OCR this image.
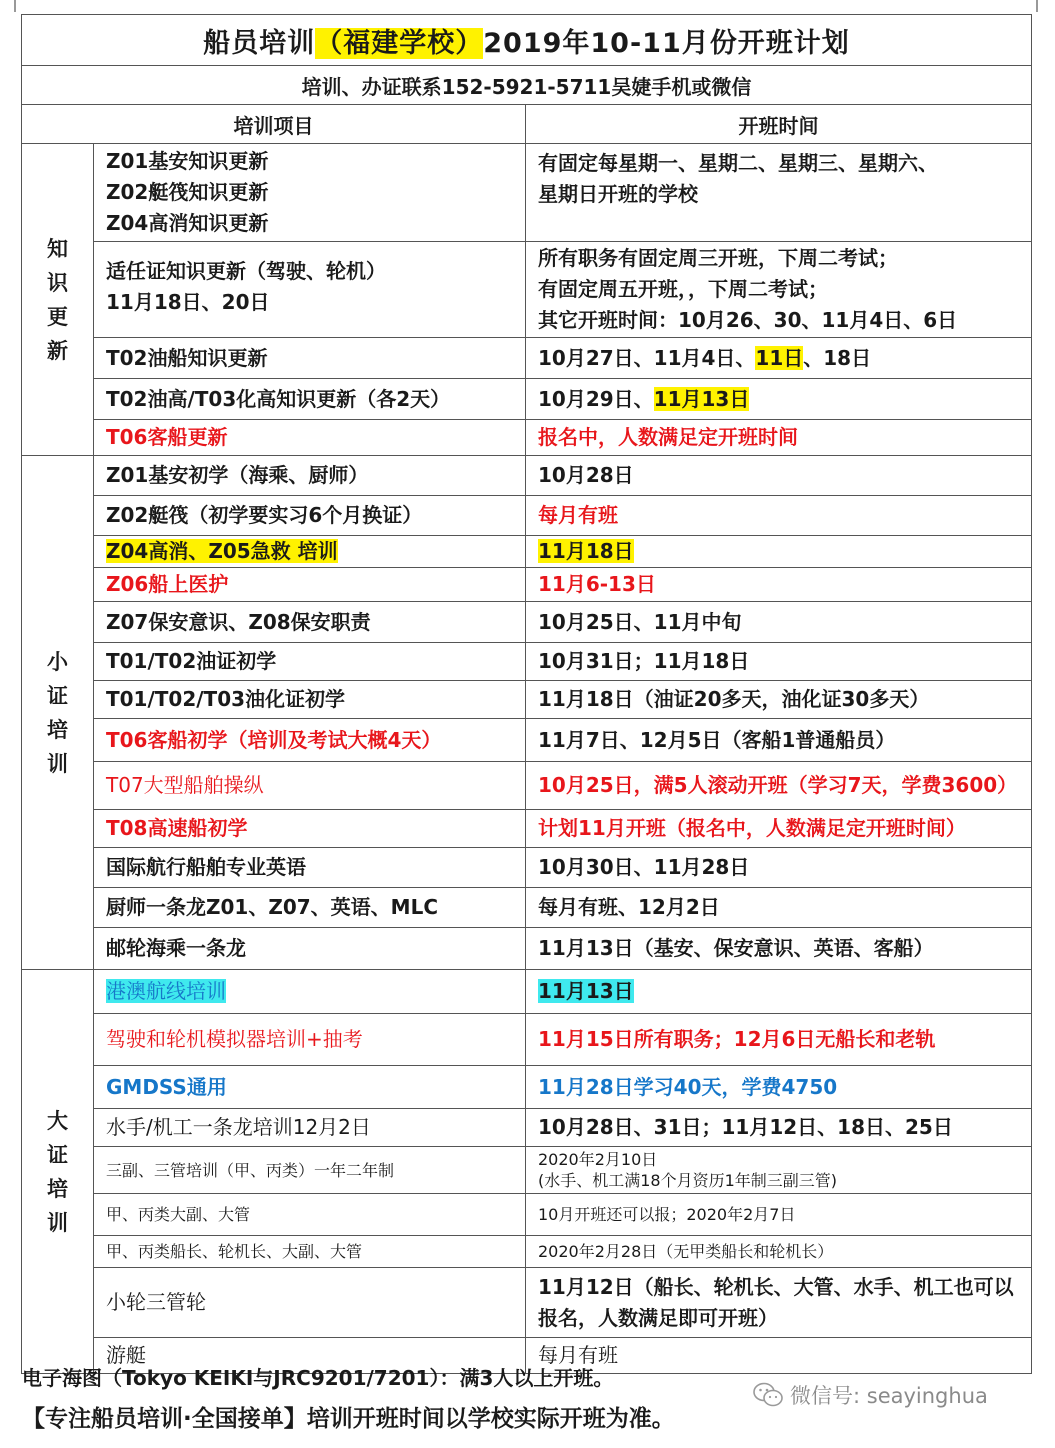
船员培训（福建学校）2019年10-11月份开班计划		
培训、办证联系152-5921-5711吴婕手机或微信		
培训项目		开班时间

知
识
更
新	Z01基安知识更新
Z02艇筏知识更新
Z04高消知识更新	有固定每星期一、星期二、星期三、星期六、
星期日开班的学校

	适任证知识更新（驾驶、轮机）
11月18日、20日	所有职务有固定周三开班，下周二考试；
有固定周五开班，，下周二考试；
其它开班时间：10月26、30、11月4日、6日

	T02油船知识更新	10月27日、11月4日、11日、18日
	T02油高/T03化高知识更新（各2天）	10月29日、11月13日
	T06客船更新	报名中，人数满足定开班时间

小
证
培
训	Z01基安初学（海乘、厨师）	10月28日
	Z02艇筏（初学要实习6个月换证）	每月有班
	Z04高消、Z05急救 培训	11月18日
	Z06船上医护	11月6-13日
	Z07保安意识、Z08保安职责	10月25日、11月中旬
	T01/T02油证初学	10月31日；11月18日
	T01/T02/T03油化证初学	11月18日（油证20多天，油化证30多天）
	T06客船初学（培训及考试大概4天）	11月7日、12月5日（客船1普通船员）
	T07大型船舶操纵	10月25日，满5人滚动开班（学习7天，学费3600）
	T08高速船初学	计划11月开班（报名中，人数满足定开班时间）
	国际航行船舶专业英语	10月30日、11月28日
	厨师一条龙Z01、Z07、英语、MLC	每月有班、12月2日
	邮轮海乘一条龙	11月13日（基安、保安意识、英语、客船）

大
证
培
训	港澳航线培训	11月13日
	驾驶和轮机模拟器培训+抽考	11月15日所有职务；12月6日无船长和老轨
	GMDSS通用	11月28日学习40天，学费4750
	水手/机工一条龙培训12月2日	10月28日、31日；11月12日、18日、25日
	三副、三管培训（甲、丙类）一年二年制	2020年2月10日
(水手、机工满18个月资历1年制三副三管)

	甲、丙类大副、大管	10月开班还可以报；2020年2月7日
	甲、丙类船长、轮机长、大副、大管	2020年2月28日（无甲类船长和轮机长）
	小轮三管轮	11月12日（船长、轮机长、大管、水手、机工也可以
报名，人数满足即可开班）

	游艇	每月有班
电子海图（Tokyo KEIKI与JRC9201/7201）：满3人以上开班。
【专注船员培训·全国接单】培训开班时间以学校实际开班为准。
微信号: seayinghua
